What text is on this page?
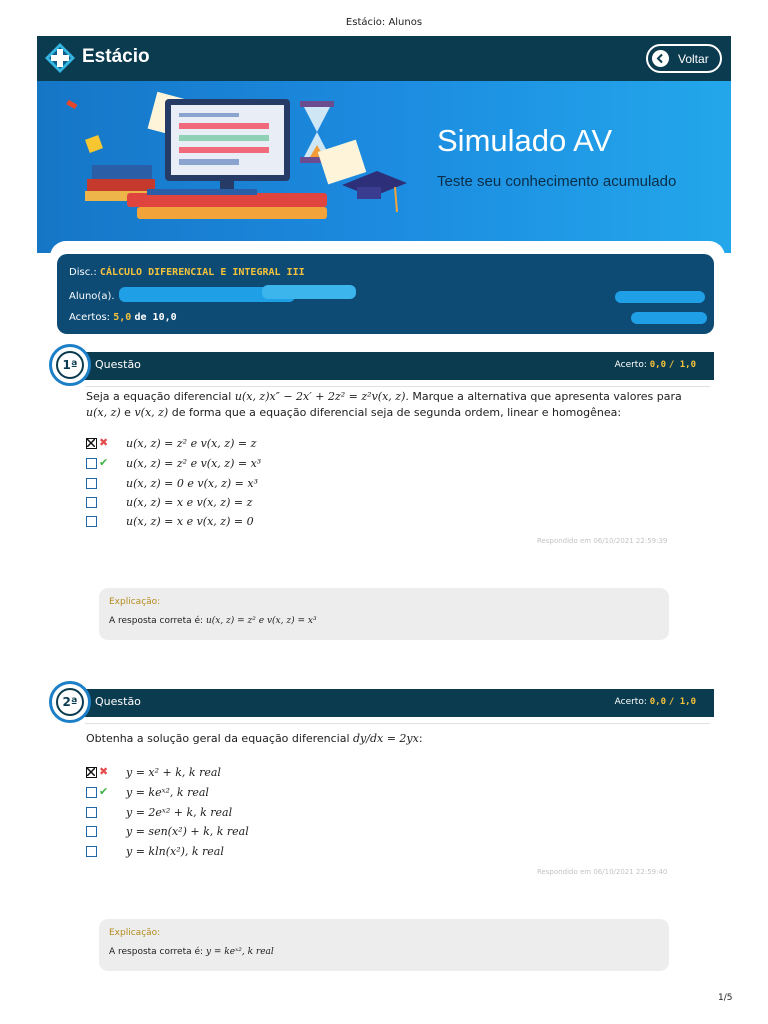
Estácio: Alunos
Estácio	Voltar
Simulado AV
Teste seu conhecimento acumulado
Disc.: CÁLCULO DIFERENCIAL E INTEGRAL III
Aluno(a).
Acertos: 5,0 de 10,0
Questão	Acerto: 0,0 / 1,0
1ª
Seja a equação diferencial u(x, z)x″ − 2x′ + 2z² = z²v(x, z). Marque a alternativa que apresenta valores para
u(x, z) e v(x, z) de forma que a equação diferencial seja de segunda ordem, linear e homogênea:
✖ u(x, z) = z² e v(x, z) = z
✔ u(x, z) = z² e v(x, z) = x³
u(x, z) = 0 e v(x, z) = x³
u(x, z) = x e v(x, z) = z
u(x, z) = x e v(x, z) = 0
Respondido em 06/10/2021 22:59:39
Explicação:
A resposta correta é: u(x, z) = z² e v(x, z) = x³
Questão	Acerto: 0,0 / 1,0
2ª
Obtenha a solução geral da equação diferencial dy/dx = 2yx:
✖ y = x² + k, k real
✔ y = keˣ², k real
y = 2eˣ² + k, k real
y = sen(x²) + k, k real
y = kln(x²), k real
Respondido em 06/10/2021 22:59:40
Explicação:
A resposta correta é: y = keˣ², k real
1/5
